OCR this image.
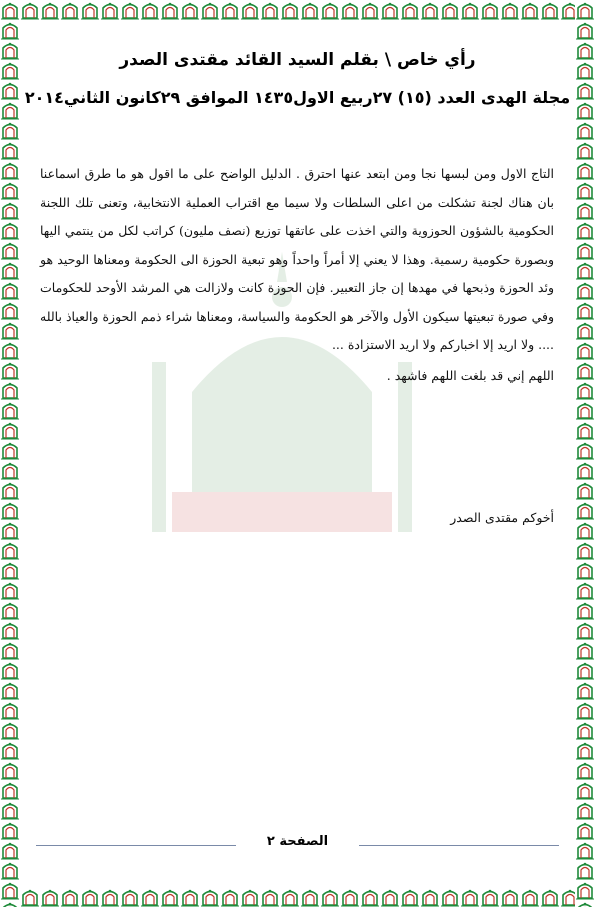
رأي خاص \ بقلم السيد القائد مقتدى الصدر
مجلة الهدى العدد (١٥) ٢٧ربيع الاول١٤٣٥ الموافق ٢٩كانون الثاني٢٠١٤

التاج الاول ومن لبسها نجا ومن ابتعد عنها احترق . الدليل الواضح على ما اقول هو ما طرق اسماعنا بان هناك لجنة تشكلت من اعلى السلطات ولا سيما مع اقتراب العملية الانتخابية، وتعنى تلك اللجنة الحكومية بالشؤون الحوزوية والتي اخذت على عاتقها توزيع (نصف مليون) كراتب لكل من ينتمي اليها وبصورة حكومية رسمية. وهذا لا يعني إلا أمراً واحداً وهو تبعية الحوزة الى الحكومة ومعناها الوحيد هو وئد الحوزة وذبحها في مهدها إن جاز التعبير. فإن الحوزة كانت ولازالت هي المرشد الأوحد للحكومات وفي صورة تبعيتها سيكون الأول والآخر هو الحكومة والسياسة، ومعناها شراء ذمم الحوزة والعياذ بالله .... ولا اريد إلا اخباركم ولا اريد الاستزادة ...

اللهم إني قد بلغت اللهم فاشهد .

أخوكم مقتدى الصدر
الصفحة ٢
